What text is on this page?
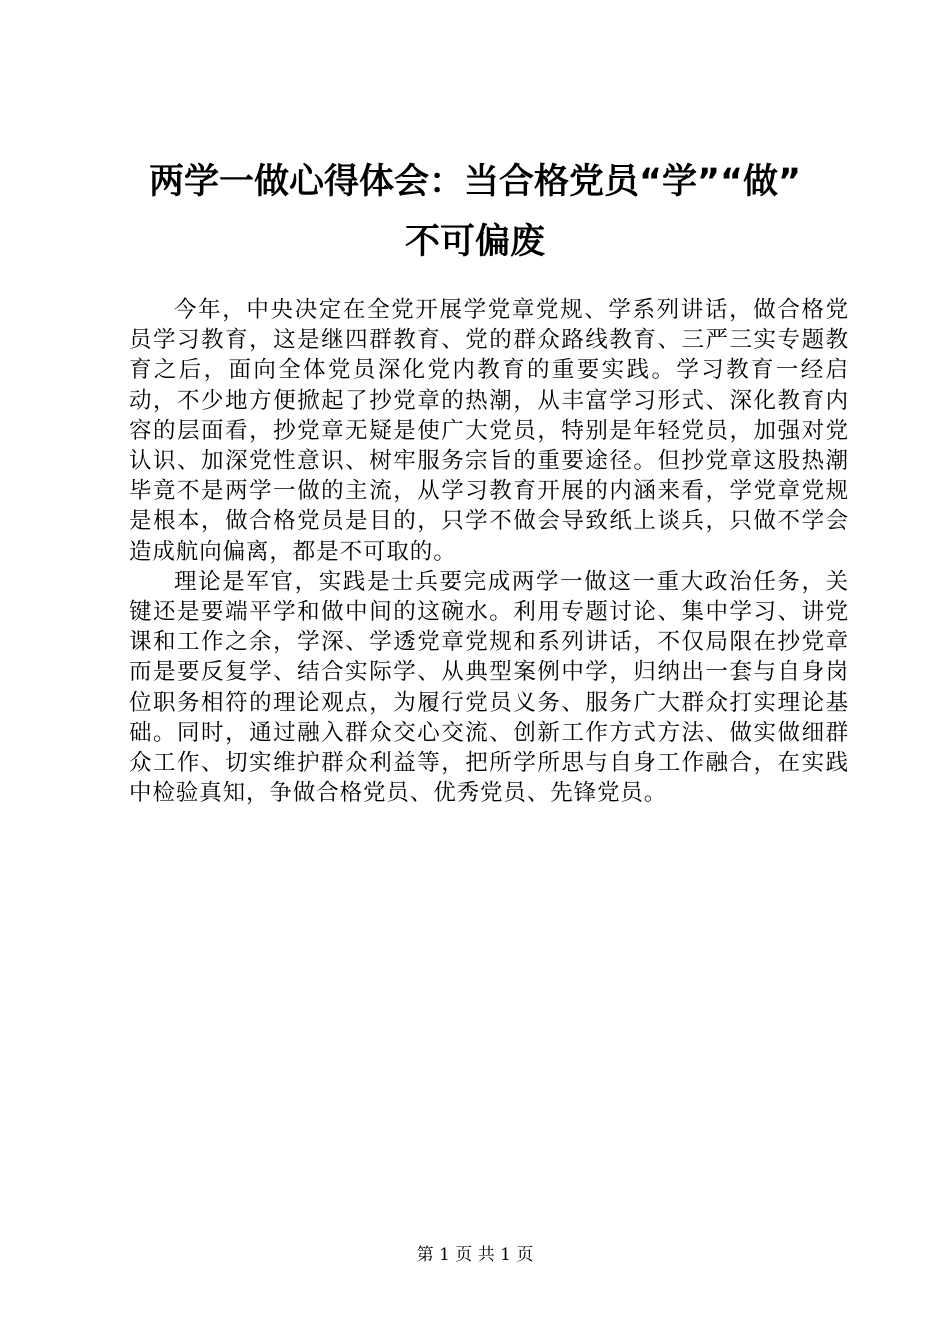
两学一做心得体会：当合格党员“学”“做”
不可偏废

今年，中央决定在全党开展学党章党规、学系列讲话，做合格党员学习教育，这是继四群教育、党的群众路线教育、三严三实专题教育之后，面向全体党员深化党内教育的重要实践。学习教育一经启动，不少地方便掀起了抄党章的热潮，从丰富学习形式、深化教育内容的层面看，抄党章无疑是使广大党员，特别是年轻党员，加强对党认识、加深党性意识、树牢服务宗旨的重要途径。但抄党章这股热潮毕竟不是两学一做的主流，从学习教育开展的内涵来看，学党章党规是根本，做合格党员是目的，只学不做会导致纸上谈兵，只做不学会造成航向偏离，都是不可取的。

理论是军官，实践是士兵要完成两学一做这一重大政治任务，关键还是要端平学和做中间的这碗水。利用专题讨论、集中学习、讲党课和工作之余，学深、学透党章党规和系列讲话，不仅局限在抄党章而是要反复学、结合实际学、从典型案例中学，归纳出一套与自身岗位职务相符的理论观点，为履行党员义务、服务广大群众打实理论基础。同时，通过融入群众交心交流、创新工作方式方法、做实做细群众工作、切实维护群众利益等，把所学所思与自身工作融合，在实践中检验真知，争做合格党员、优秀党员、先锋党员。

第 1 页 共 1 页
